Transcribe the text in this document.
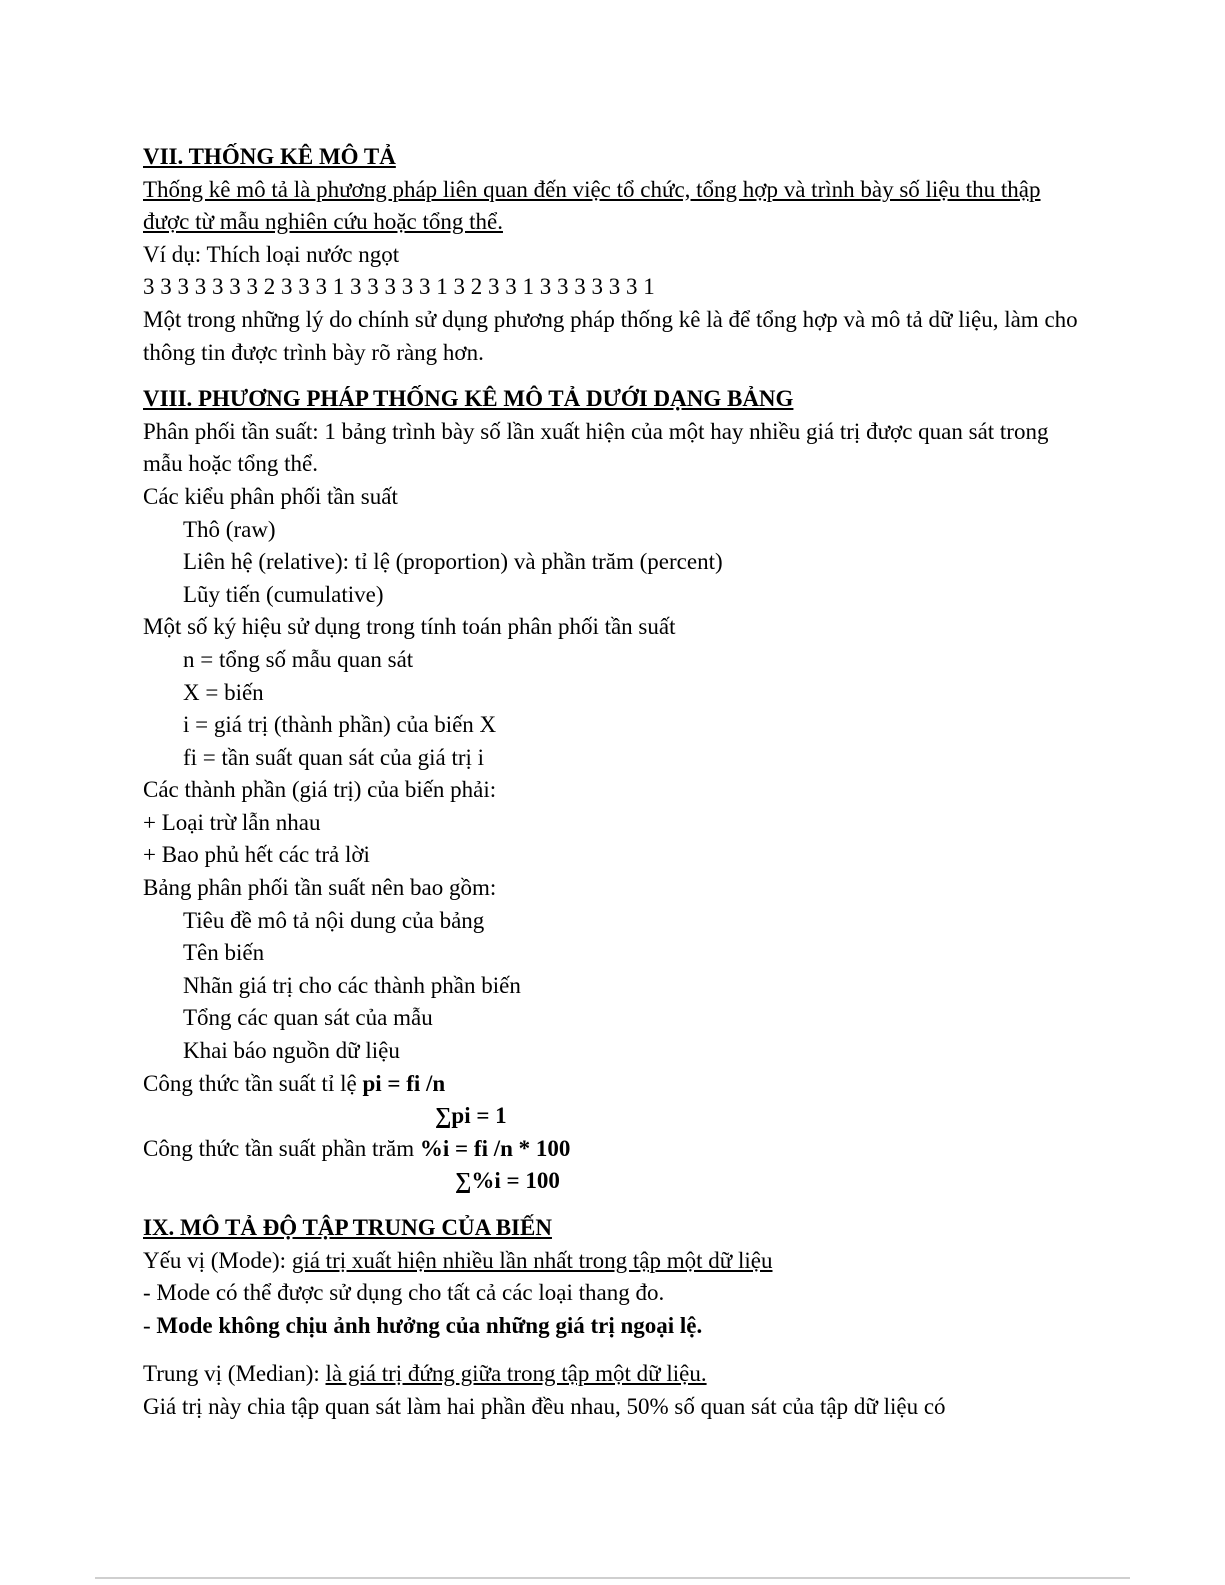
VII. THỐNG KÊ MÔ TẢ

Thống kê mô tả là phương pháp liên quan đến việc tổ chức, tổng hợp và trình bày số liệu thu thập được từ mẫu nghiên cứu hoặc tổng thể.

Ví dụ: Thích loại nước ngọt

3 3 3 3 3 3 3 2 3 3 3 1 3 3 3 3 3 1 3 2 3 3 1 3 3 3 3 3 3 1

Một trong những lý do chính sử dụng phương pháp thống kê là để tổng hợp và mô tả dữ liệu, làm cho thông tin được trình bày rõ ràng hơn.

VIII. PHƯƠNG PHÁP THỐNG KÊ MÔ TẢ DƯỚI DẠNG BẢNG

Phân phối tần suất: 1 bảng trình bày số lần xuất hiện của một hay nhiều giá trị được quan sát trong mẫu hoặc tổng thể.

Các kiểu phân phối tần suất

Thô (raw)

Liên hệ (relative): tỉ lệ (proportion) và phần trăm (percent)

Lũy tiến (cumulative)

Một số ký hiệu sử dụng trong tính toán phân phối tần suất

n = tổng số mẫu quan sát

X = biến

i = giá trị (thành phần) của biến X

fi = tần suất quan sát của giá trị i

Các thành phần (giá trị) của biến phải:

+ Loại trừ lẫn nhau

+ Bao phủ hết các trả lời

Bảng phân phối tần suất nên bao gồm:

Tiêu đề mô tả nội dung của bảng

Tên biến

Nhãn giá trị cho các thành phần biến

Tổng các quan sát của mẫu

Khai báo nguồn dữ liệu

Công thức tần suất tỉ lệ pi = fi /n

∑pi = 1

Công thức tần suất phần trăm %i = fi /n * 100

∑%i = 100

IX. MÔ TẢ ĐỘ TẬP TRUNG CỦA BIẾN

Yếu vị (Mode): giá trị xuất hiện nhiều lần nhất trong tập một dữ liệu

- Mode có thể được sử dụng cho tất cả các loại thang đo.

- Mode không chịu ảnh hưởng của những giá trị ngoại lệ.

Trung vị (Median): là giá trị đứng giữa trong tập một dữ liệu.

Giá trị này chia tập quan sát làm hai phần đều nhau, 50% số quan sát của tập dữ liệu có
